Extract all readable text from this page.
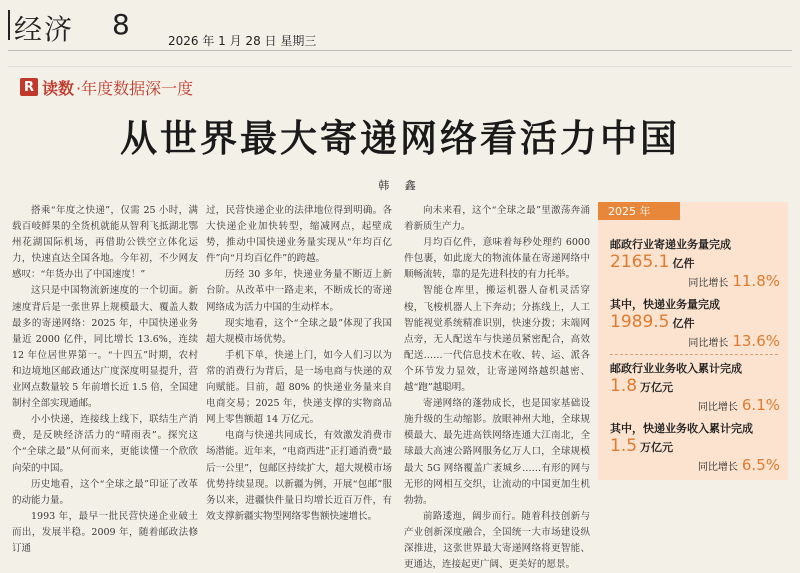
经济 8	2026 年 1 月 28 日 星期三
R 读数 ·年度数据深一度
从世界最大寄递网络看活力中国
韩 鑫

搭乘“年度之快递”，仅需 25 小时，满载百岐鲜果的全货机就能从智利飞抵湖北鄂州花湖国际机场，再借助公铁空立体化运力，快速直达全国各地。今年初，不少网友感叹：“年货办出了中国速度！”

这只是中国物流新速度的一个切面。新速度背后是一张世界上规模最大、覆盖人数最多的寄递网络：2025 年，中国快递业务量近 2000 亿件，同比增长 13.6%，连续 12 年位居世界第一。“十四五”时期，农村和边境地区邮政通达广度深度明显提升，营业网点数量较 5 年前增长近 1.5 倍，全国建制村全部实现通邮。

小小快递，连接线上线下，联结生产消费，是反映经济活力的“晴雨表”。探究这个“全球之最”从何而来，更能读懂一个欣欣向荣的中国。

历史地看，这个“全球之最”印证了改革的动能力量。

1993 年，最早一批民营快递企业破土而出，发展半稳。2009 年，随着邮政法修订通

过，民营快递企业的法律地位得到明确。各大快递企业加快转型，缩减网点，起壁成势，推动中国快递业务量实现从“年均百亿件”向“月均百亿件”的跨越。

历经 30 多年，快递业务量不断迈上新台阶。从改革中一路走来，不断成长的寄递网络成为活力中国的生动样本。

现实地看，这个“全球之最”体现了我国超大规模市场优势。

手机下单，快递上门，如今人们习以为常的消费行为背后，是一场电商与快递的双向赋能。目前，超 80% 的快递业务量来自电商交易；2025 年，快递支撑的实物商品网上零售额超 14 万亿元。

电商与快递共同成长，有效激发消费市场潜能。近年来，“电商西进”正打通消费“最后一公里”，包邮区持续扩大，超大规模市场优势持续显现。以新疆为例，开展“包邮”服务以来，进疆快件量日均增长近百万件，有效支撑新疆实物型网络零售额快速增长。

向未来看，这个“全球之最”里激荡奔涌着新质生产力。

月均百亿件，意味着每秒处理约 6000 件包裹，如此庞大的物流体量在寄递网络中顺畅流转，靠的是先进科技的有力托举。

智能仓库里，搬运机器人奋机灵活穿梭，飞梭机器人上下奔动；分拣线上，人工智能视觉系统精准识别，快速分拨；末端网点旁，无人配送车与快递员紧密配合，高效配送……一代信息技术在收、转、运、派各个环节发力显效，让寄递网络越织越密、越“跑”越聪明。

寄递网络的蓬勃成长，也是国家基础设施升级的生动缩影。放眼神州大地，全球规模最大、最先进高铁网络连通大江南北，全球最大高速公路网服务亿万人口，全球规模最大 5G 网络覆盖广袤城乡……有形的网与无形的网相互交织，让流动的中国更加生机勃勃。

前路逶迤，阔步而行。随着科技创新与产业创新深度融合，全国统一大市场建设纵深推进，这张世界最大寄递网络将更智能、更通达，连接起更广阔、更美好的愿景。

2025 年
邮政行业寄递业务量完成
2165.1 亿件
同比增长 11.8%
其中，快递业务量完成
1989.5 亿件
同比增长 13.6%
邮政行业业务收入累计完成
1.8 万亿元
同比增长 6.1%
其中，快递业务收入累计完成
1.5 万亿元
同比增长 6.5%
